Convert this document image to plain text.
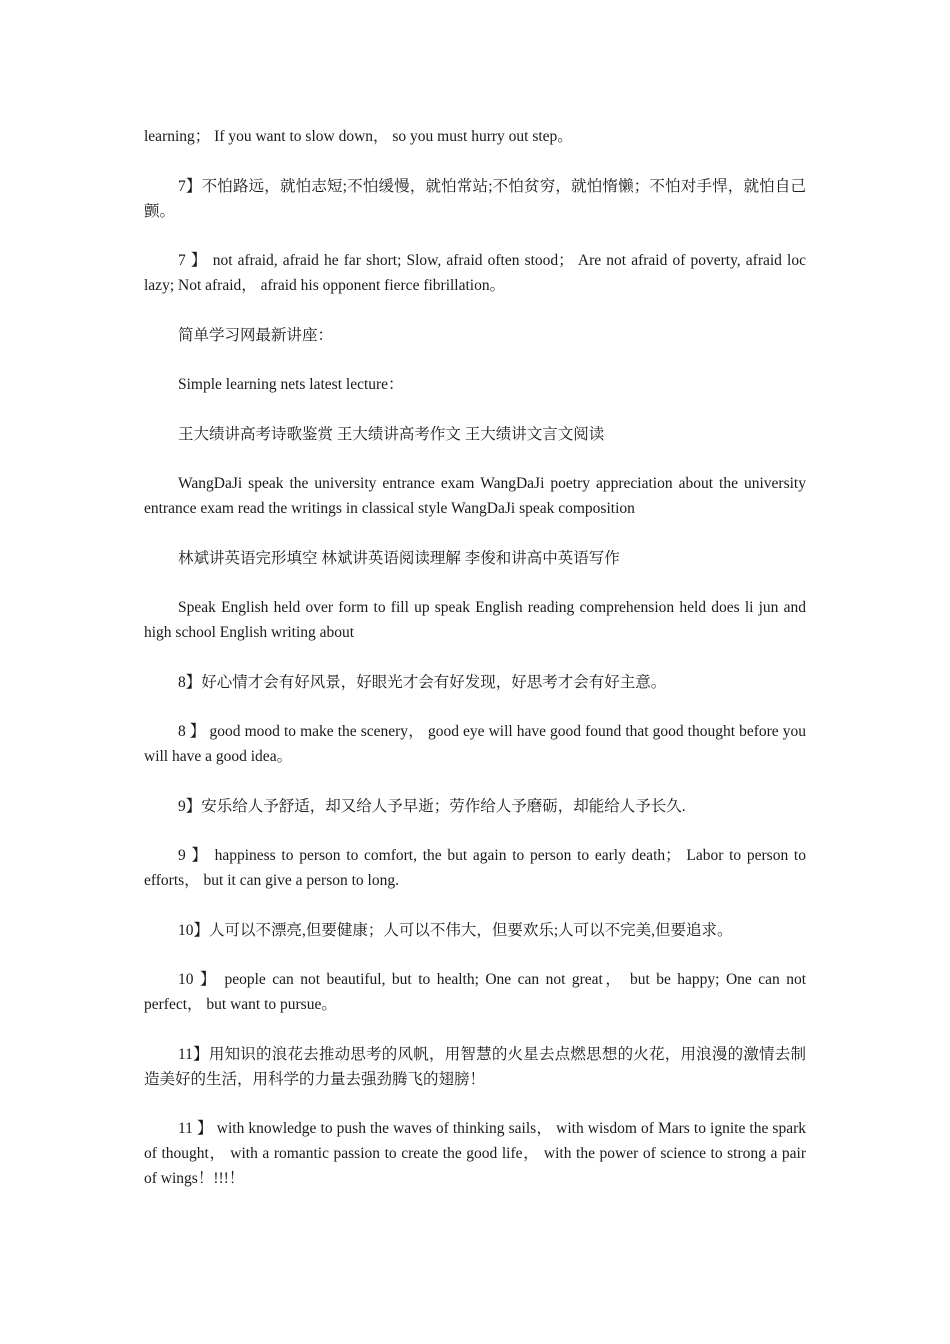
learning； If you want to slow down， so you must hurry out step。

7】不怕路远，就怕志短;不怕缓慢，就怕常站;不怕贫穷，就怕惰懒；不怕对手悍，就怕自己颤。

7 】 not afraid, afraid he far short; Slow, afraid often stood； Are not afraid of poverty, afraid loc lazy; Not afraid， afraid his opponent fierce fibrillation。

简单学习网最新讲座：

Simple learning nets latest lecture：

王大绩讲高考诗歌鉴赏 王大绩讲高考作文 王大绩讲文言文阅读

WangDaJi speak the university entrance exam WangDaJi poetry appreciation about the university entrance exam read the writings in classical style WangDaJi speak composition

林斌讲英语完形填空 林斌讲英语阅读理解 李俊和讲高中英语写作

Speak English held over form to fill up speak English reading comprehension held does li jun and high school English writing about

8】好心情才会有好风景，好眼光才会有好发现，好思考才会有好主意。

8 】 good mood to make the scenery， good eye will have good found that good thought before you will have a good idea。

9】安乐给人予舒适，却又给人予早逝；劳作给人予磨砺，却能给人予长久.

9 】 happiness to person to comfort, the but again to person to early death； Labor to person to efforts， but it can give a person to long.

10】人可以不漂亮,但要健康；人可以不伟大，但要欢乐;人可以不完美,但要追求。

10 】 people can not beautiful, but to health; One can not great， but be happy; One can not perfect， but want to pursue。

11】用知识的浪花去推动思考的风帆，用智慧的火星去点燃思想的火花，用浪漫的激情去制造美好的生活，用科学的力量去强劲腾飞的翅膀！

11 】 with knowledge to push the waves of thinking sails， with wisdom of Mars to ignite the spark of thought， with a romantic passion to create the good life， with the power of science to strong a pair of wings！!!!！
